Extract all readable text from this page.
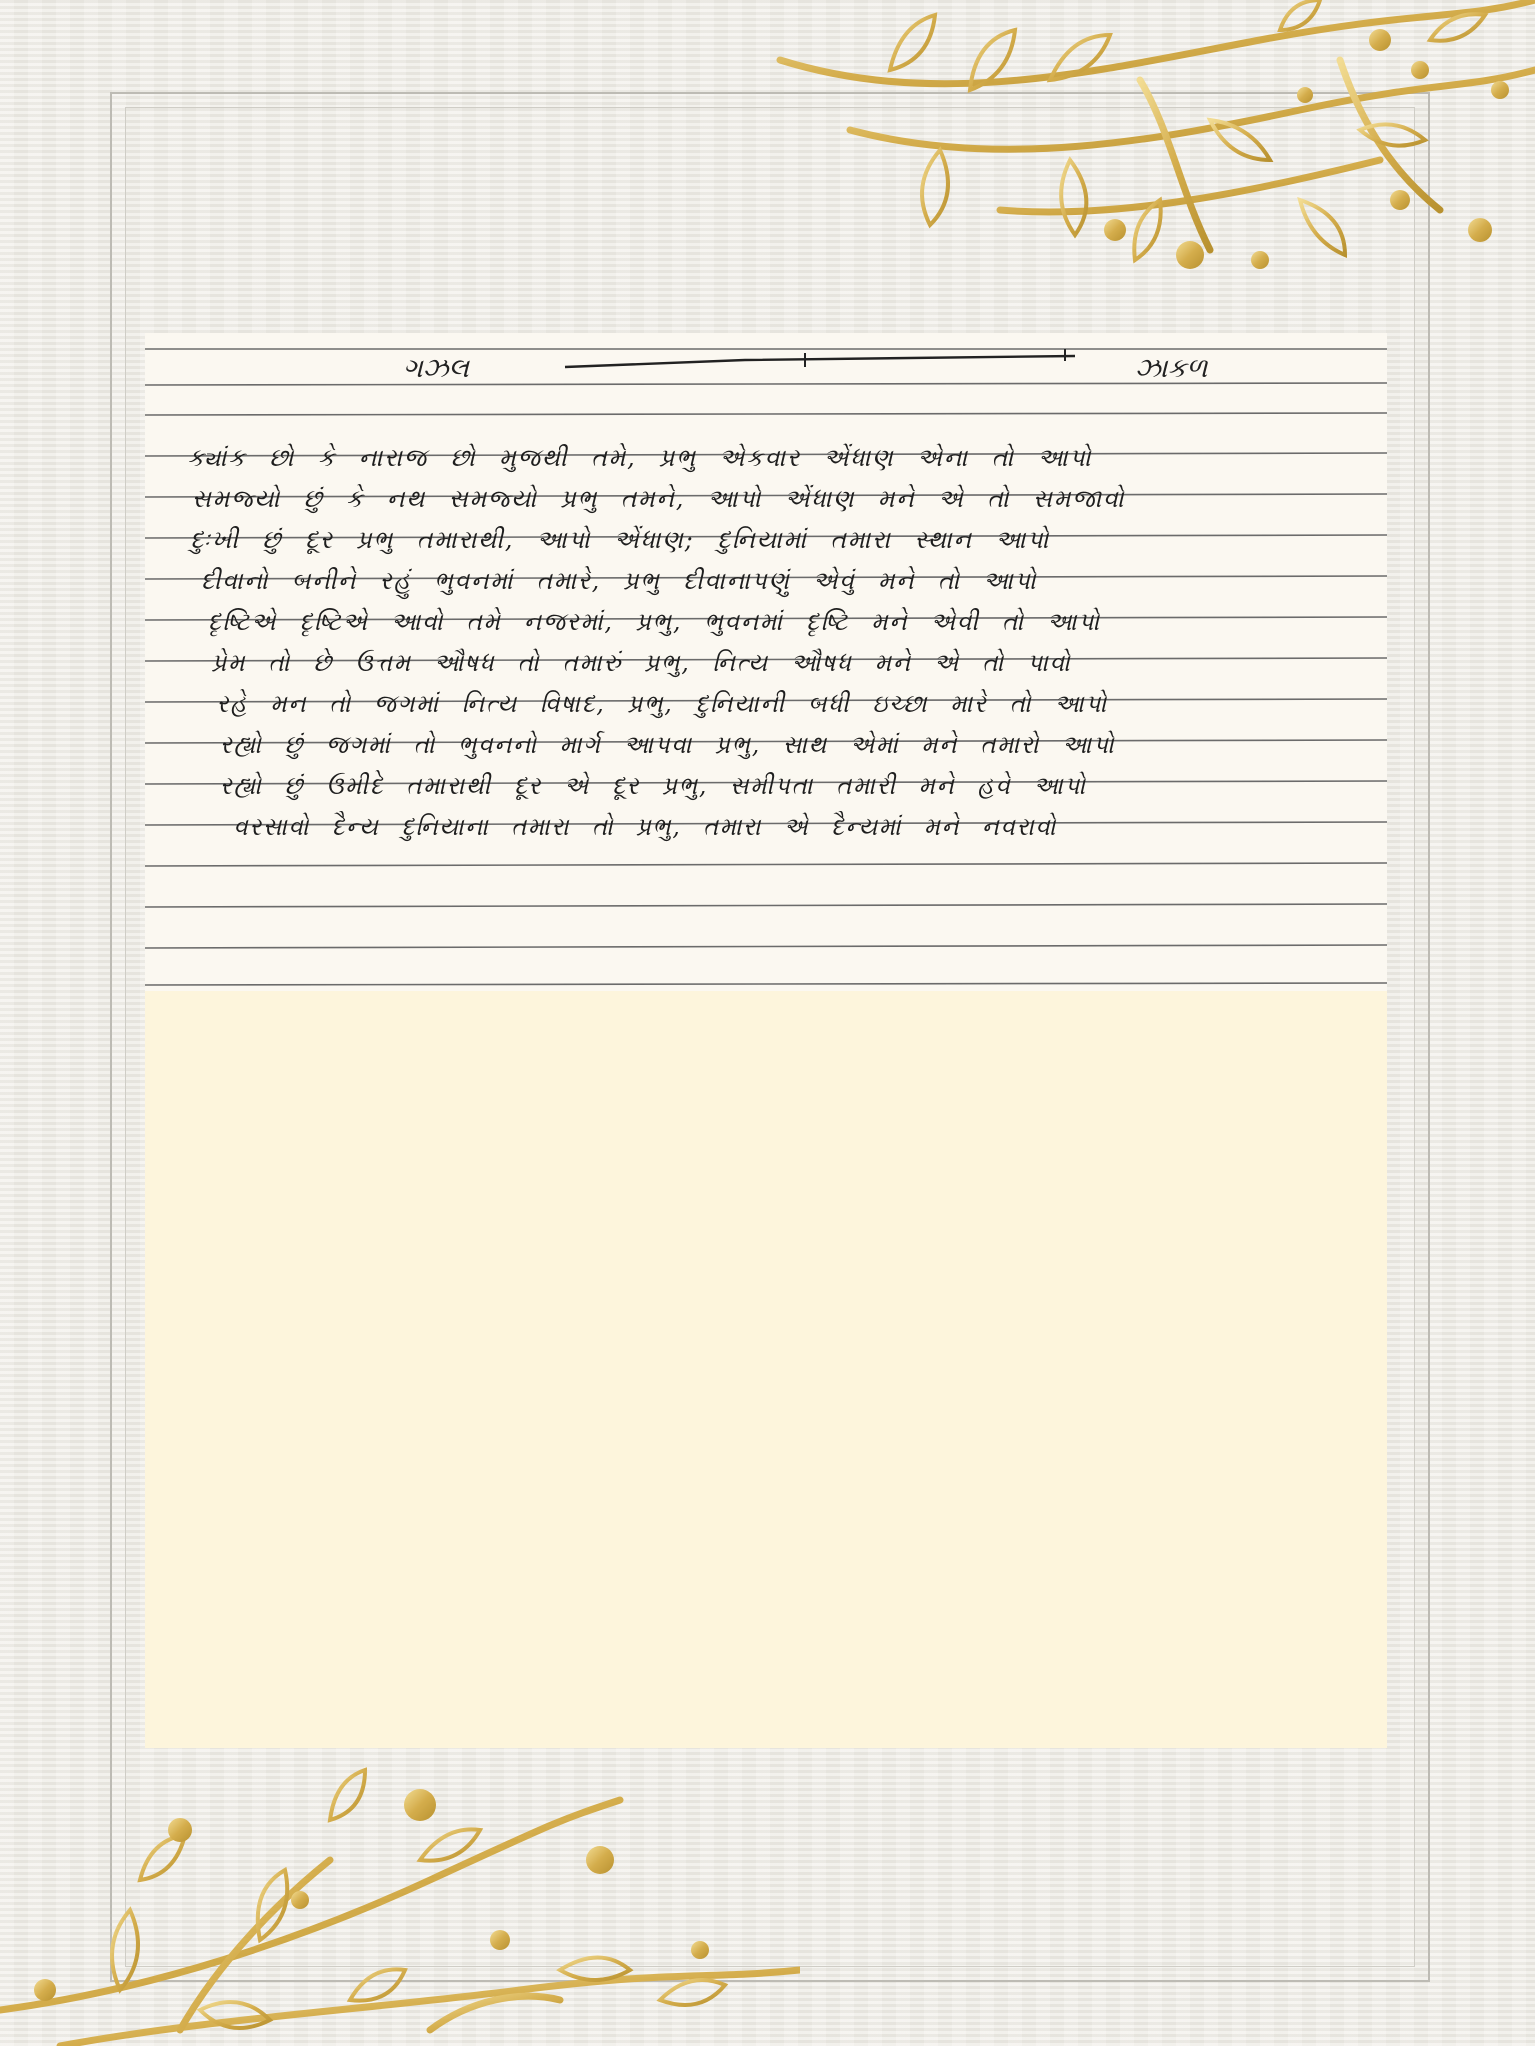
ગઝલ	ઝાકળ
ક્યાંક છો કે નારાજ છો મુજથી તમે, પ્રભુ એકવાર એંધાણ એના તો આપો
સમજ્યો છું કે નથ સમજ્યો પ્રભુ તમને, આપો એંધાણ મને એ તો સમજાવો
દુઃખી છું દૂર પ્રભુ તમારાથી, આપો એંધાણ; દુનિયામાં તમારા સ્થાન આપો
દીવાનો બનીને રહું ભુવનમાં તમારે, પ્રભુ દીવાનાપણું એવું મને તો આપો
દૃષ્ટિએ દૃષ્ટિએ આવો તમે નજરમાં, પ્રભુ, ભુવનમાં દૃષ્ટિ મને એવી તો આપો
પ્રેમ તો છે ઉત્તમ ઔષધ તો તમારું પ્રભુ, નિત્ય ઔષધ મને એ તો પાવો
રહે મન તો જગમાં નિત્ય વિષાદ, પ્રભુ, દુનિયાની બધી ઇચ્છા મારે તો આપો
રહ્યો છું જગમાં તો ભુવનનો માર્ગ આપવા પ્રભુ, સાથ એમાં મને તમારો આપો
રહ્યો છું ઉમીદે તમારાથી દૂર એ દૂર પ્રભુ, સમીપતા તમારી મને હવે આપો
વરસાવો દૈન્ય દુનિયાના તમારા તો પ્રભુ, તમારા એ દૈન્યમાં મને નવરાવો
